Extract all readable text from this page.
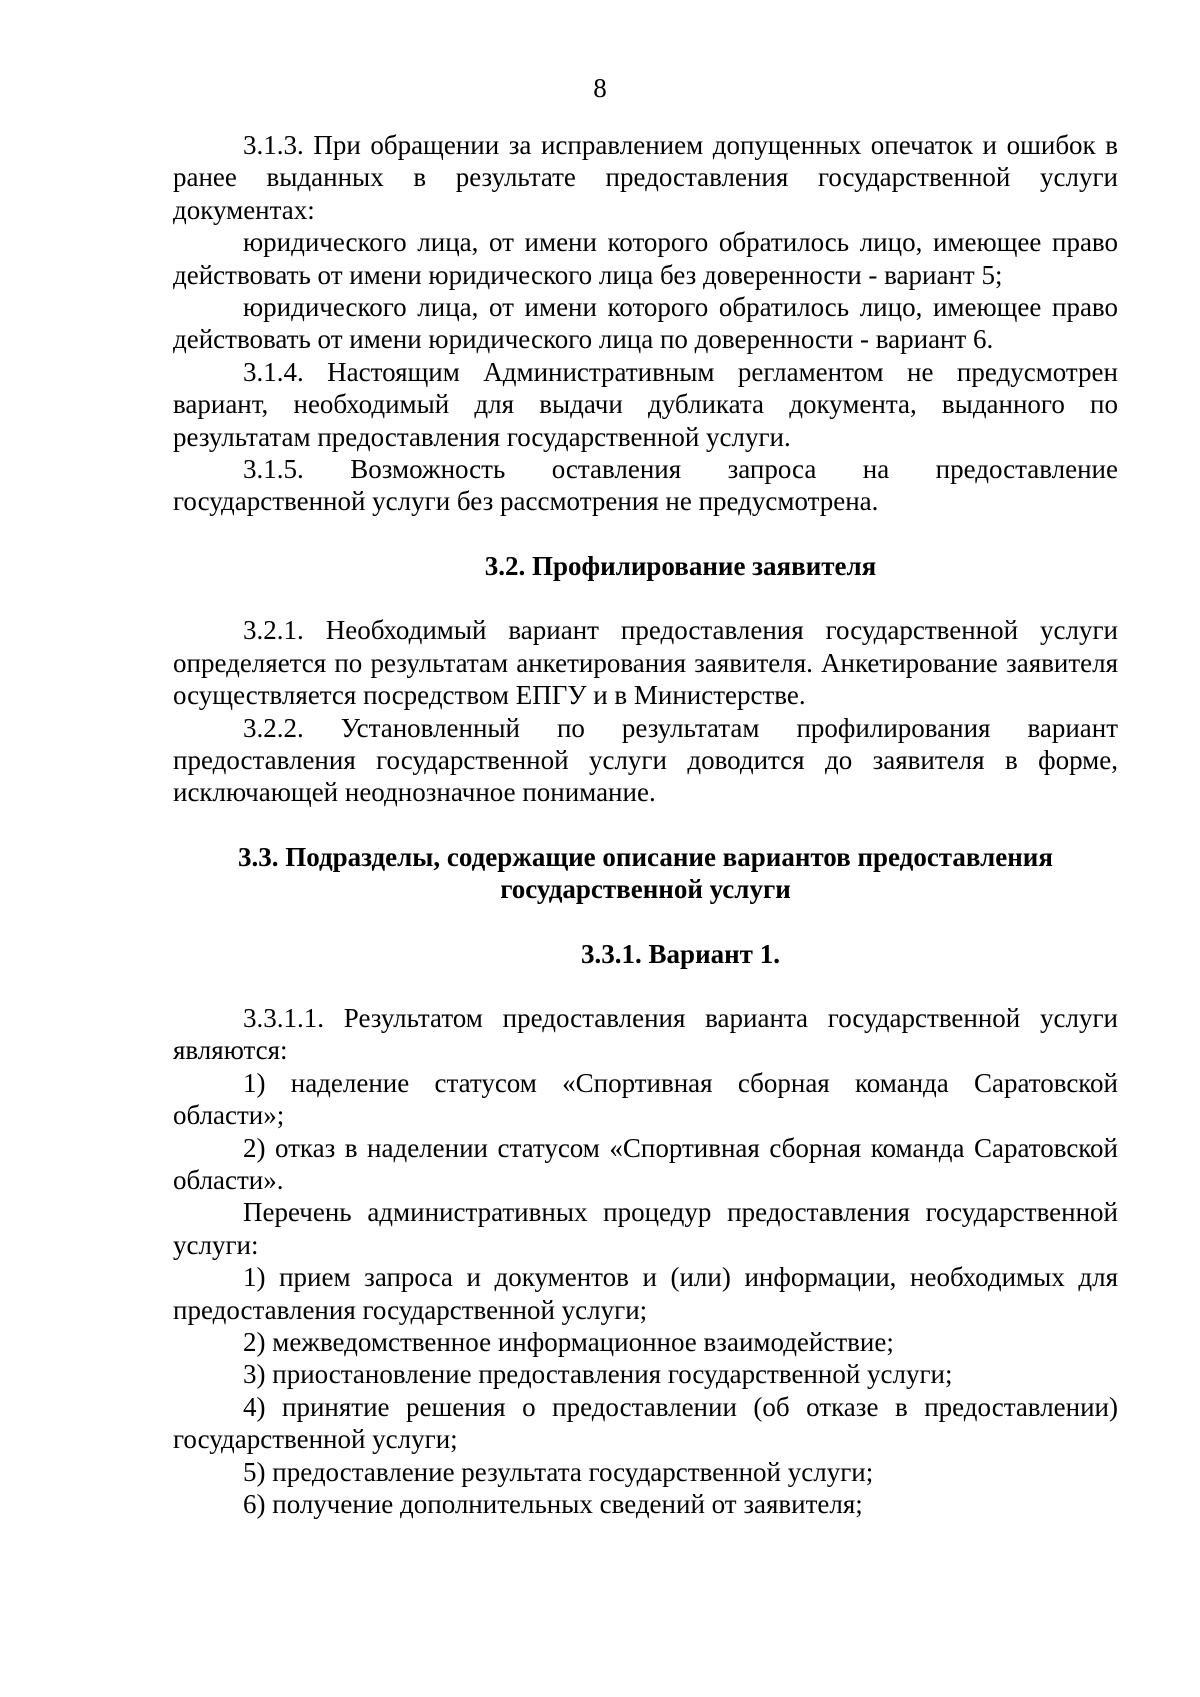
8

3.1.3. При обращении за исправлением допущенных опечаток и ошибок в ранее выданных в результате предоставления государственной услуги документах:

юридического лица, от имени которого обратилось лицо, имеющее право действовать от имени юридического лица без доверенности - вариант 5;

юридического лица, от имени которого обратилось лицо, имеющее право действовать от имени юридического лица по доверенности - вариант 6.

3.1.4. Настоящим Административным регламентом не предусмотрен вариант, необходимый для выдачи дубликата документа, выданного по результатам предоставления государственной услуги.

3.1.5. Возможность оставления запроса на предоставление государственной услуги без рассмотрения не предусмотрена.

3.2. Профилирование заявителя

3.2.1. Необходимый вариант предоставления государственной услуги определяется по результатам анкетирования заявителя. Анкетирование заявителя осуществляется посредством ЕПГУ и в Министерстве.

3.2.2. Установленный по результатам профилирования вариант предоставления государственной услуги доводится до заявителя в форме, исключающей неоднозначное понимание.

3.3. Подразделы, содержащие описание вариантов предоставления государственной услуги
3.3.1. Вариант 1.

3.3.1.1. Результатом предоставления варианта государственной услуги являются:

1) наделение статусом «Спортивная сборная команда Саратовской области»;

2) отказ в наделении статусом «Спортивная сборная команда Саратовской области».

Перечень административных процедур предоставления государственной услуги:

1) прием запроса и документов и (или) информации, необходимых для предоставления государственной услуги;

2) межведомственное информационное взаимодействие;

3) приостановление предоставления государственной услуги;

4) принятие решения о предоставлении (об отказе в предоставлении) государственной услуги;

5) предоставление результата государственной услуги;

6) получение дополнительных сведений от заявителя;
